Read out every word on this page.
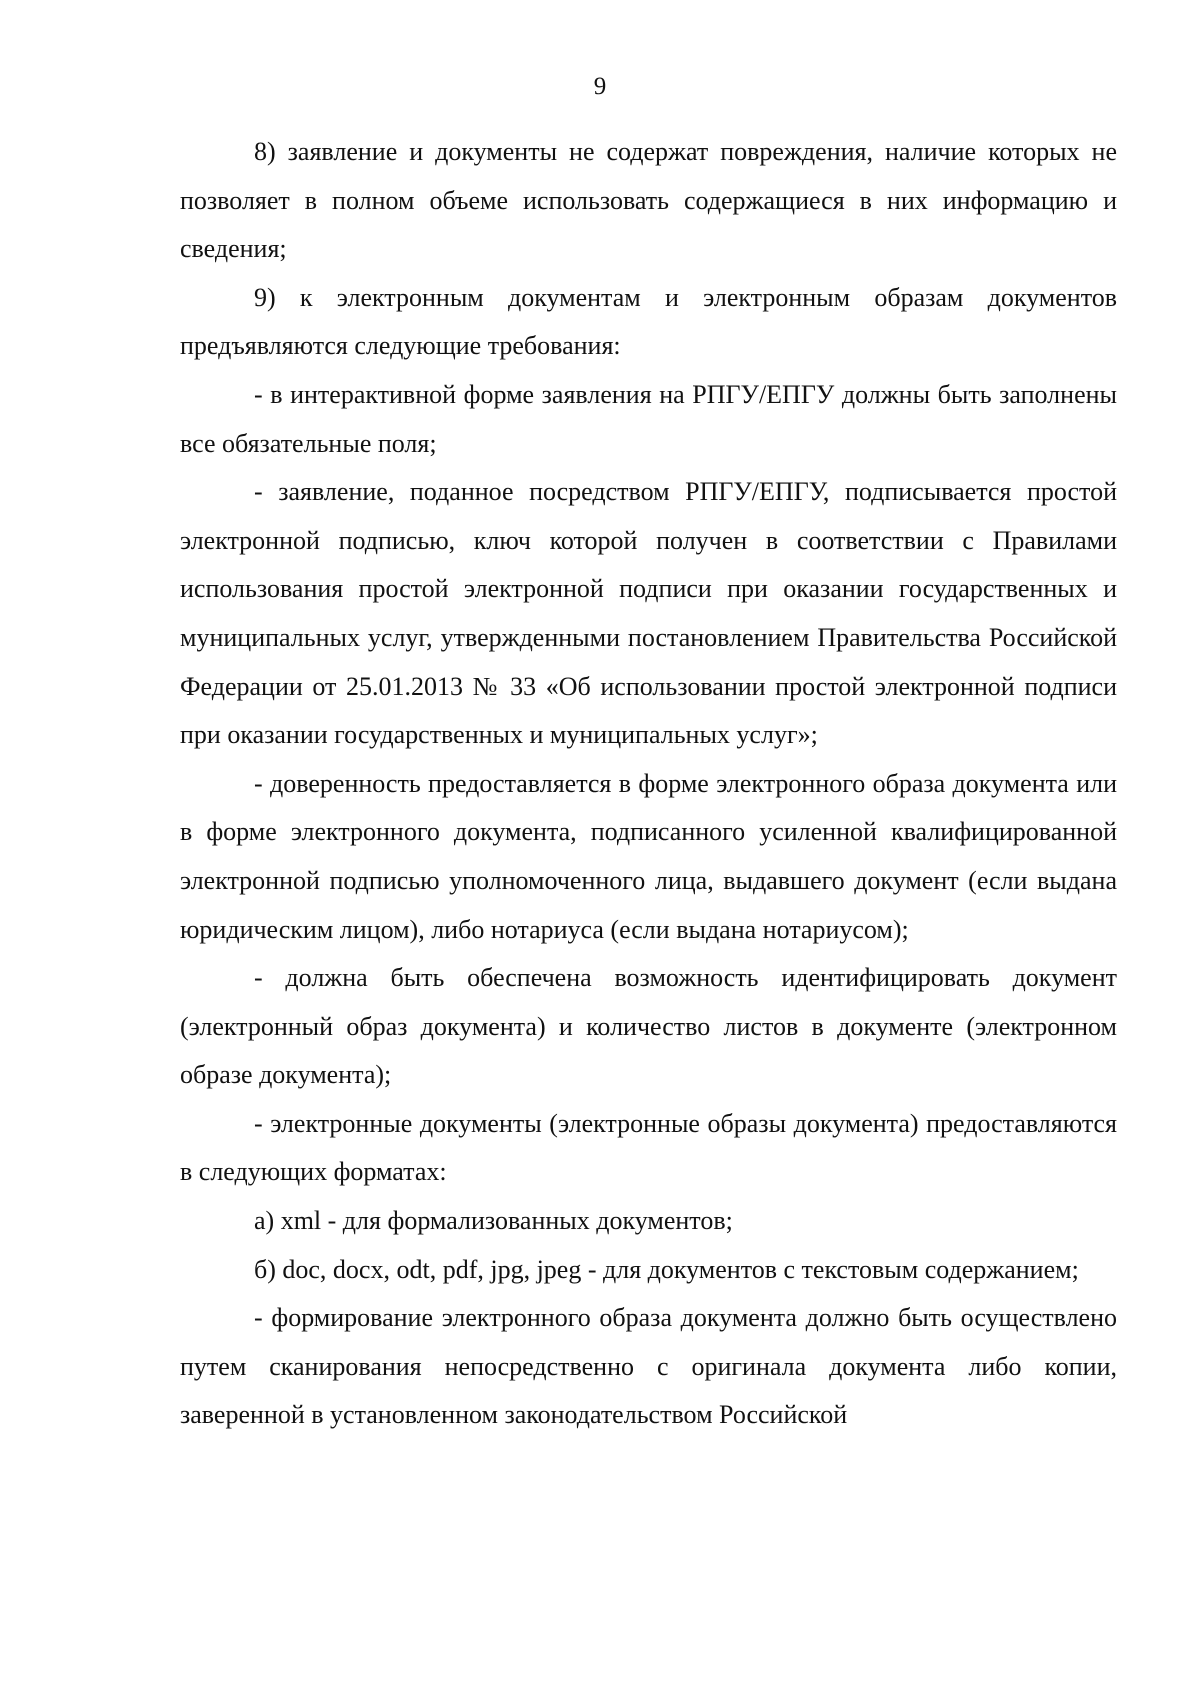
9

8) заявление и документы не содержат повреждения, наличие которых не позволяет в полном объеме использовать содержащиеся в них информацию и сведения;

9) к электронным документам и электронным образам документов предъявляются следующие требования:

- в интерактивной форме заявления на РПГУ/ЕПГУ должны быть заполнены все обязательные поля;

- заявление, поданное посредством РПГУ/ЕПГУ, подписывается простой электронной подписью, ключ которой получен в соответствии с Правилами использования простой электронной подписи при оказании государственных и муниципальных услуг, утвержденными постановлением Правительства Российской Федерации от 25.01.2013 № 33 «Об использовании простой электронной подписи при оказании государственных и муниципальных услуг»;

- доверенность предоставляется в форме электронного образа документа или в форме электронного документа, подписанного усиленной квалифицированной электронной подписью уполномоченного лица, выдавшего документ (если выдана юридическим лицом), либо нотариуса (если выдана нотариусом);

- должна быть обеспечена возможность идентифицировать документ (электронный образ документа) и количество листов в документе (электронном образе документа);

- электронные документы (электронные образы документа) предоставляются в следующих форматах:

а) xml - для формализованных документов;

б) doc, docx, odt, pdf, jpg, jpeg - для документов с текстовым содержанием;

- формирование электронного образа документа должно быть осуществлено путем сканирования непосредственно с оригинала документа либо копии, заверенной в установленном законодательством Российской
